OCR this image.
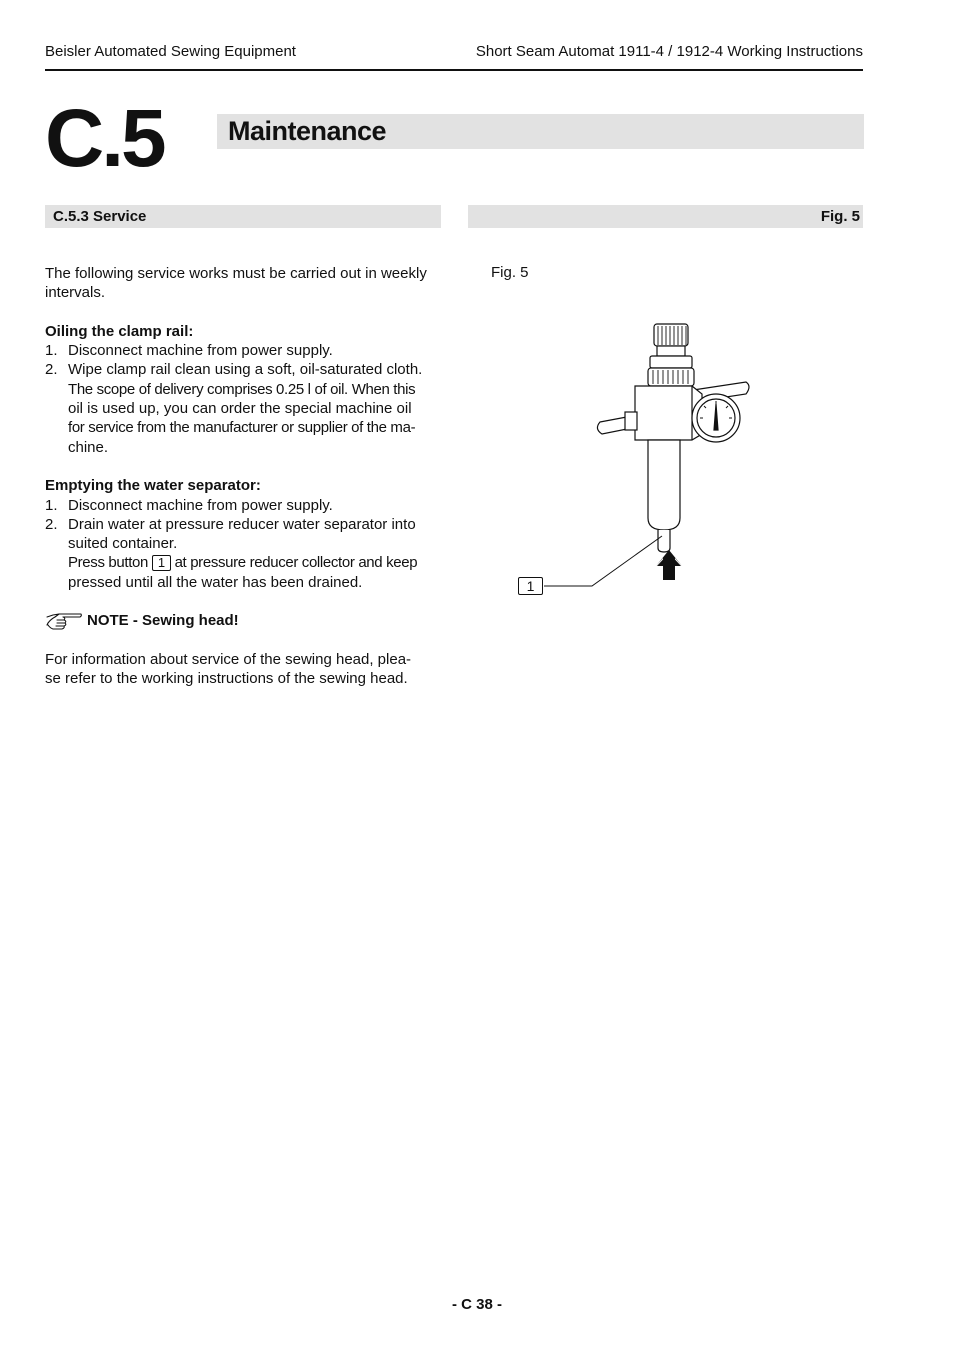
Beisler Automated Sewing Equipment	Short Seam Automat 1911-4 / 1912-4 Working Instructions
C.5 Maintenance
C.5.3 Service	Fig. 5

The following service works must be carried out in weekly

intervals.

Oiling the clamp rail:

1. Disconnect machine from power supply.
2. Wipe clamp rail clean using a soft, oil-saturated cloth.

The scope of delivery comprises 0.25 l of oil. When this

oil is used up, you can order the special machine oil

for service from the manufacturer or supplier of the ma-

chine.

Emptying the water separator:

1. Disconnect machine from power supply.
2. Drain water at pressure reducer water separator into

suited container.

Press button 1 at pressure reducer collector and keep

pressed until all the water has been drained.

NOTE - Sewing head!

For information about service of the sewing head, plea-

se refer to the working instructions of the sewing head.

Fig. 5
1
- C 38 -
